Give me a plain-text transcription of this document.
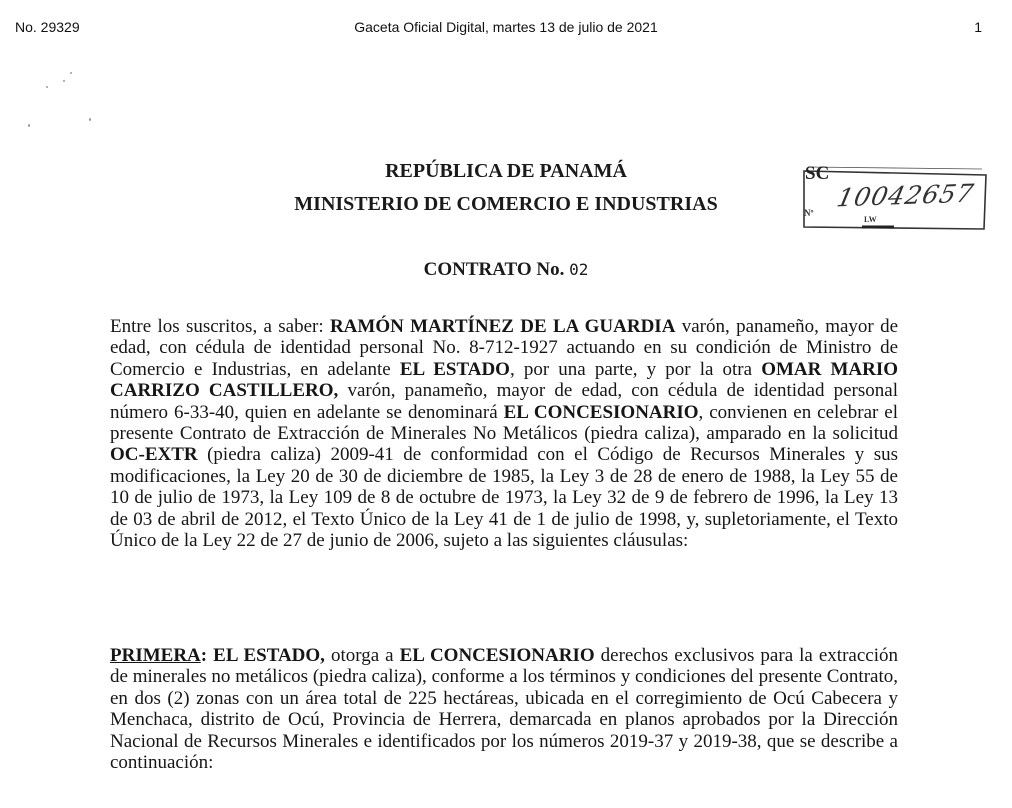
No. 29329	Gaceta Oficial Digital, martes 13 de julio de 2021	1
REPÚBLICA DE PANAMÁ
MINISTERIO DE COMERCIO E INDUSTRIAS
SC
10042657
Nº
LW
CONTRATO No. 02
Entre los suscritos, a saber: RAMÓN MARTÍNEZ DE LA GUARDIA varón, panameño, mayor de edad, con cédula de identidad personal No. 8-712-1927 actuando en su condición de Ministro de Comercio e Industrias, en adelante EL ESTADO, por una parte, y por la otra OMAR MARIO CARRIZO CASTILLERO, varón, panameño, mayor de edad, con cédula de identidad personal número 6-33-40, quien en adelante se denominará EL CONCESIONARIO, convienen en celebrar el presente Contrato de Extracción de Minerales No Metálicos (piedra caliza), amparado en la solicitud OC-EXTR (piedra caliza) 2009-41 de conformidad con el Código de Recursos Minerales y sus modificaciones, la Ley 20 de 30 de diciembre de 1985, la Ley 3 de 28 de enero de 1988, la Ley 55 de 10 de julio de 1973, la Ley 109 de 8 de octubre de 1973, la Ley 32 de 9 de febrero de 1996, la Ley 13 de 03 de abril de 2012, el Texto Único de la Ley 41 de 1 de julio de 1998, y, supletoriamente, el Texto Único de la Ley 22 de 27 de junio de 2006, sujeto a las siguientes cláusulas:
PRIMERA: EL ESTADO, otorga a EL CONCESIONARIO derechos exclusivos para la extracción de minerales no metálicos (piedra caliza), conforme a los términos y condiciones del presente Contrato, en dos (2) zonas con un área total de 225 hectáreas, ubicada en el corregimiento de Ocú Cabecera y Menchaca, distrito de Ocú, Provincia de Herrera, demarcada en planos aprobados por la Dirección Nacional de Recursos Minerales e identificados por los números 2019-37 y 2019-38, que se describe a continuación:
